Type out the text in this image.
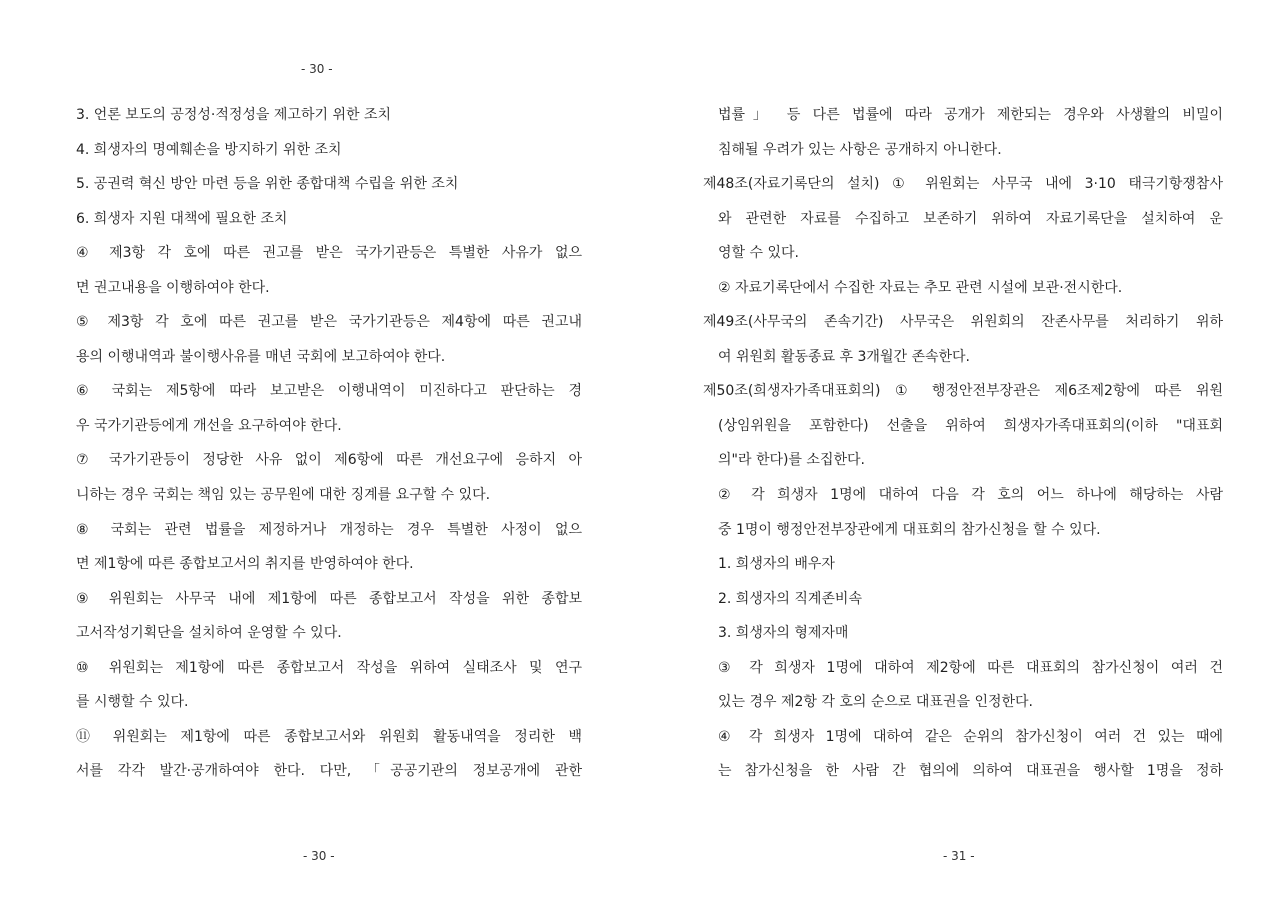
- 30 -
3. 언론 보도의 공정성·적정성을 제고하기 위한 조치
4. 희생자의 명예훼손을 방지하기 위한 조치
5. 공권력 혁신 방안 마련 등을 위한 종합대책 수립을 위한 조치
6. 희생자 지원 대책에 필요한 조치
④ 제3항 각 호에 따른 권고를 받은 국가기관등은 특별한 사유가 없으
면 권고내용을 이행하여야 한다.
⑤ 제3항 각 호에 따른 권고를 받은 국가기관등은 제4항에 따른 권고내
용의 이행내역과 불이행사유를 매년 국회에 보고하여야 한다.
⑥ 국회는 제5항에 따라 보고받은 이행내역이 미진하다고 판단하는 경
우 국가기관등에게 개선을 요구하여야 한다.
⑦ 국가기관등이 정당한 사유 없이 제6항에 따른 개선요구에 응하지 아
니하는 경우 국회는 책임 있는 공무원에 대한 징계를 요구할 수 있다.
⑧ 국회는 관련 법률을 제정하거나 개정하는 경우 특별한 사정이 없으
면 제1항에 따른 종합보고서의 취지를 반영하여야 한다.
⑨ 위원회는 사무국 내에 제1항에 따른 종합보고서 작성을 위한 종합보
고서작성기획단을 설치하여 운영할 수 있다.
⑩ 위원회는 제1항에 따른 종합보고서 작성을 위하여 실태조사 및 연구
를 시행할 수 있다.
⑪ 위원회는 제1항에 따른 종합보고서와 위원회 활동내역을 정리한 백
서를 각각 발간·공개하여야 한다. 다만, 「공공기관의 정보공개에 관한
법률」 등 다른 법률에 따라 공개가 제한되는 경우와 사생활의 비밀이
침해될 우려가 있는 사항은 공개하지 아니한다.
제48조(자료기록단의 설치) ① 위원회는 사무국 내에 3·10 태극기항쟁참사
와 관련한 자료를 수집하고 보존하기 위하여 자료기록단을 설치하여 운
영할 수 있다.
② 자료기록단에서 수집한 자료는 추모 관련 시설에 보관·전시한다.
제49조(사무국의 존속기간) 사무국은 위원회의 잔존사무를 처리하기 위하
여 위원회 활동종료 후 3개월간 존속한다.
제50조(희생자가족대표회의) ① 행정안전부장관은 제6조제2항에 따른 위원
(상임위원을 포함한다) 선출을 위하여 희생자가족대표회의(이하 "대표회
의"라 한다)를 소집한다.
② 각 희생자 1명에 대하여 다음 각 호의 어느 하나에 해당하는 사람
중 1명이 행정안전부장관에게 대표회의 참가신청을 할 수 있다.
1. 희생자의 배우자
2. 희생자의 직계존비속
3. 희생자의 형제자매
③ 각 희생자 1명에 대하여 제2항에 따른 대표회의 참가신청이 여러 건
있는 경우 제2항 각 호의 순으로 대표권을 인정한다.
④ 각 희생자 1명에 대하여 같은 순위의 참가신청이 여러 건 있는 때에
는 참가신청을 한 사람 간 협의에 의하여 대표권을 행사할 1명을 정하
- 30 -	- 31 -
